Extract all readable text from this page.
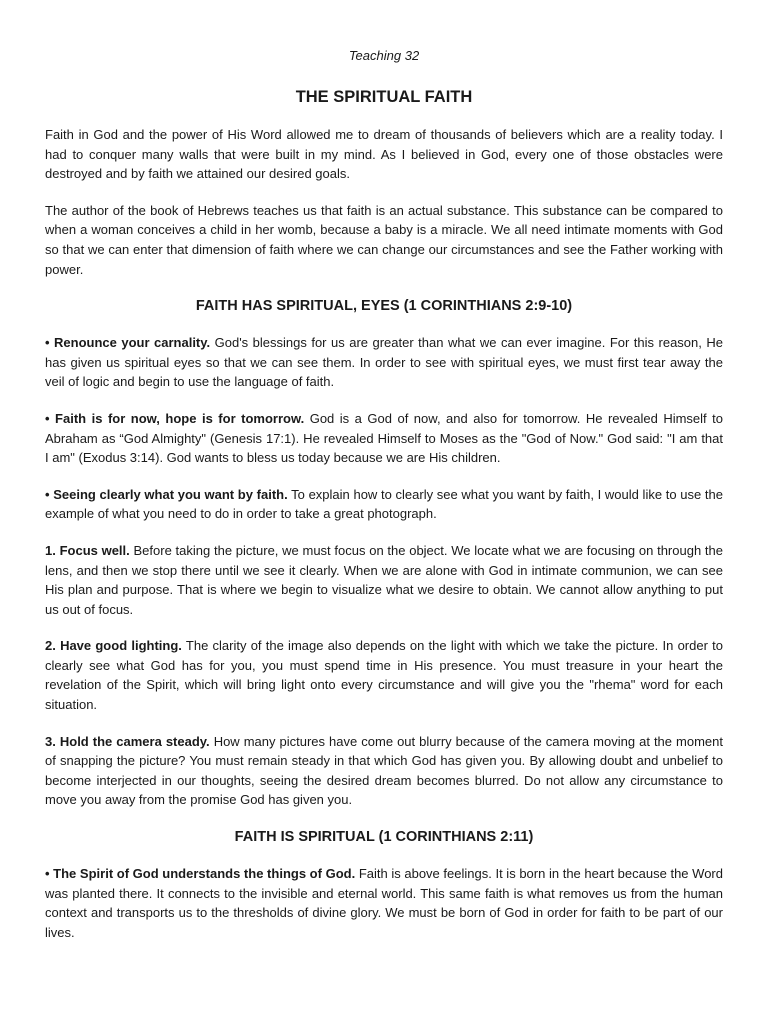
Teaching 32
THE SPIRITUAL FAITH

Faith in God and the power of His Word allowed me to dream of thousands of believers which are a reality today. I had to conquer many walls that were built in my mind. As I believed in God, every one of those obstacles were destroyed and by faith we attained our desired goals.

The author of the book of Hebrews teaches us that faith is an actual substance. This substance can be compared to when a woman conceives a child in her womb, because a baby is a miracle. We all need intimate moments with God so that we can enter that dimension of faith where we can change our circumstances and see the Father working with power.

FAITH HAS SPIRITUAL, EYES (1 CORINTHIANS 2:9-10)

• Renounce your carnality. God's blessings for us are greater than what we can ever imagine. For this reason, He has given us spiritual eyes so that we can see them. In order to see with spiritual eyes, we must first tear away the veil of logic and begin to use the language of faith.

• Faith is for now, hope is for tomorrow. God is a God of now, and also for tomorrow. He revealed Himself to Abraham as “God Almighty" (Genesis 17:1). He revealed Himself to Moses as the "God of Now." God said: "I am that I am" (Exodus 3:14). God wants to bless us today because we are His children.

• Seeing clearly what you want by faith. To explain how to clearly see what you want by faith, I would like to use the example of what you need to do in order to take a great photograph.

1. Focus well. Before taking the picture, we must focus on the object. We locate what we are focusing on through the lens, and then we stop there until we see it clearly. When we are alone with God in intimate communion, we can see His plan and purpose. That is where we begin to visualize what we desire to obtain. We cannot allow anything to put us out of focus.

2. Have good lighting. The clarity of the image also depends on the light with which we take the picture. In order to clearly see what God has for you, you must spend time in His presence. You must treasure in your heart the revelation of the Spirit, which will bring light onto every circumstance and will give you the "rhema" word for each situation.

3. Hold the camera steady. How many pictures have come out blurry because of the camera moving at the moment of snapping the picture? You must remain steady in that which God has given you. By allowing doubt and unbelief to become interjected in our thoughts, seeing the desired dream becomes blurred. Do not allow any circumstance to move you away from the promise God has given you.

FAITH IS SPIRITUAL (1 CORINTHIANS 2:11)

• The Spirit of God understands the things of God. Faith is above feelings. It is born in the heart because the Word was planted there. It connects to the invisible and eternal world. This same faith is what removes us from the human context and transports us to the thresholds of divine glory. We must be born of God in order for faith to be part of our lives.
